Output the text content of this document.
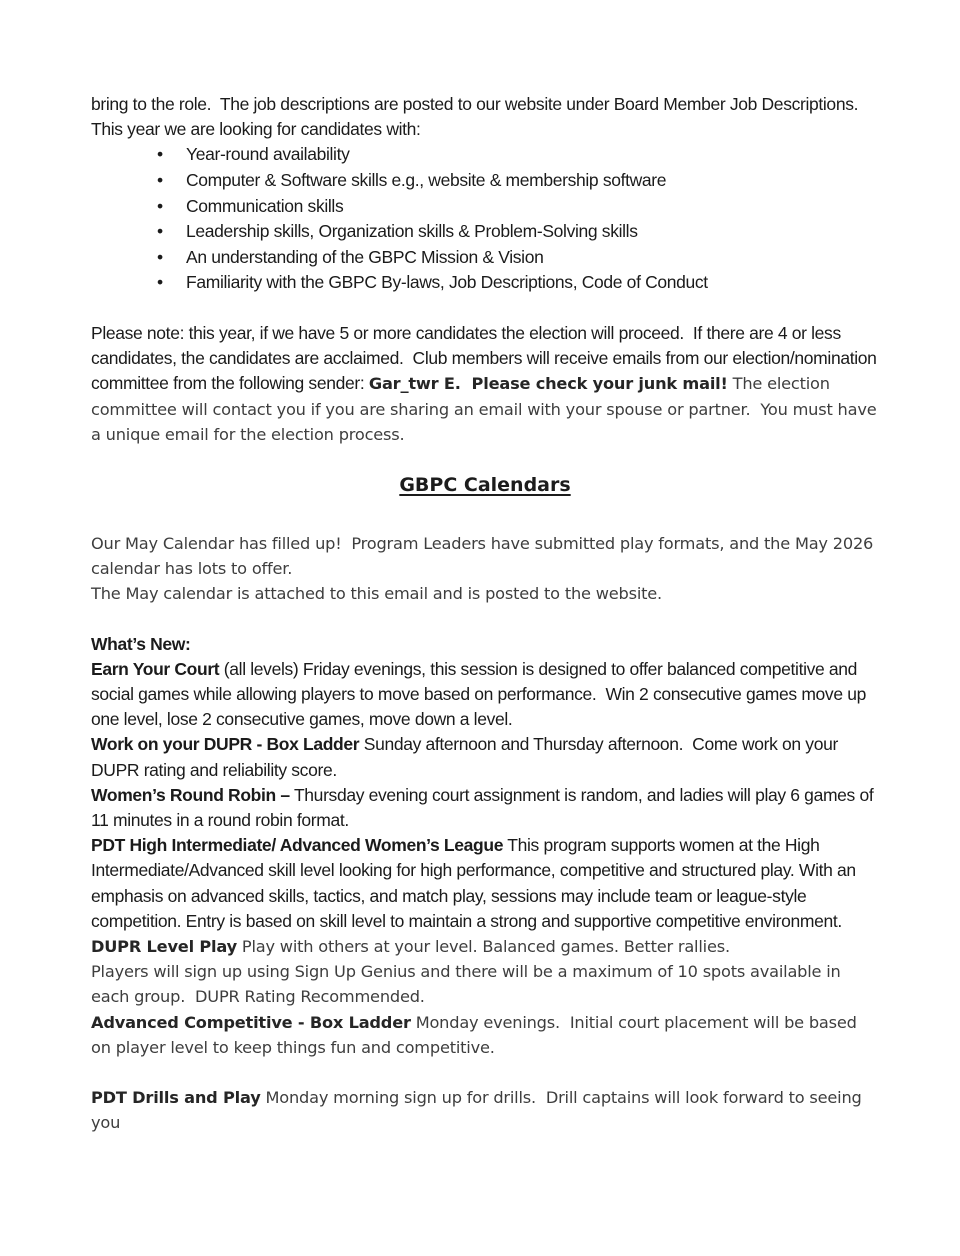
bring to the role.  The job descriptions are posted to our website under Board Member Job Descriptions.

This year we are looking for candidates with:

• Year-round availability
• Computer & Software skills e.g., website & membership software
• Communication skills
• Leadership skills, Organization skills & Problem-Solving skills
• An understanding of the GBPC Mission & Vision
• Familiarity with the GBPC By-laws, Job Descriptions, Code of Conduct

Please note: this year, if we have 5 or more candidates the election will proceed.  If there are 4 or less candidates, the candidates are acclaimed.  Club members will receive emails from our election/nomination committee from the following sender: Gar_twr E.  Please check your junk mail! The election committee will contact you if you are sharing an email with your spouse or partner.  You must have a unique email for the election process.

GBPC Calendars

Our May Calendar has filled up!  Program Leaders have submitted play formats, and the May 2026 calendar has lots to offer.

The May calendar is attached to this email and is posted to the website.

What’s New:

Earn Your Court (all levels) Friday evenings, this session is designed to offer balanced competitive and social games while allowing players to move based on performance.  Win 2 consecutive games move up one level, lose 2 consecutive games, move down a level.

Work on your DUPR - Box Ladder Sunday afternoon and Thursday afternoon.  Come work on your DUPR rating and reliability score.

Women’s Round Robin – Thursday evening court assignment is random, and ladies will play 6 games of 11 minutes in a round robin format.

PDT High Intermediate/ Advanced Women’s League This program supports women at the High Intermediate/Advanced skill level looking for high performance, competitive and structured play. With an emphasis on advanced skills, tactics, and match play, sessions may include team or league-style competition. Entry is based on skill level to maintain a strong and supportive competitive environment.

DUPR Level Play Play with others at your level. Balanced games. Better rallies.

Players will sign up using Sign Up Genius and there will be a maximum of 10 spots available in each group.  DUPR Rating Recommended.

Advanced Competitive - Box Ladder Monday evenings.  Initial court placement will be based on player level to keep things fun and competitive.

PDT Drills and Play Monday morning sign up for drills.  Drill captains will look forward to seeing you
